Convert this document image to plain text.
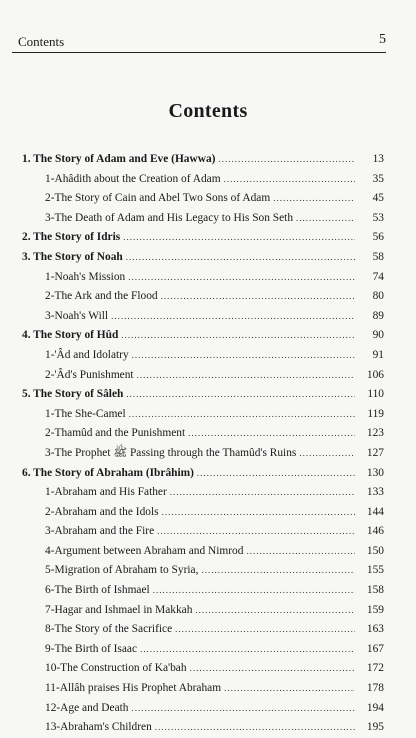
Contents	5
Contents
1. The Story of Adam and Eve (Hawwa) .....	13
1-Ahâdith about the Creation of Adam .....	35
2-The Story of Cain and Abel Two Sons of Adam .....	45
3-The Death of Adam and His Legacy to His Son Seth .....	53
2. The Story of Idris .....	56
3. The Story of Noah .....	58
1-Noah's Mission .....	74
2-The Ark and the Flood .....	80
3-Noah's Will .....	89
4. The Story of Hûd .....	90
1-'Âd and Idolatry .....	91
2-'Âd's Punishment .....	106
5. The Story of Sâleh .....	110
1-The She-Camel .....	119
2-Thamûd and the Punishment .....	123
3-The Prophet ﷺ Passing through the Thamûd's Ruins .....	127
6. The Story of Abraham (Ibrâhim) .....	130
1-Abraham and His Father .....	133
2-Abraham and the Idols .....	144
3-Abraham and the Fire .....	146
4-Argument between Abraham and Nimrod .....	150
5-Migration of Abraham to Syria, .....	155
6-The Birth of Ishmael .....	158
7-Hagar and Ishmael in Makkah .....	159
8-The Story of the Sacrifice .....	163
9-The Birth of Isaac .....	167
10-The Construction of Ka'bah .....	172
11-Allâh praises His Prophet Abraham .....	178
12-Age and Death .....	194
13-Abraham's Children .....	195
